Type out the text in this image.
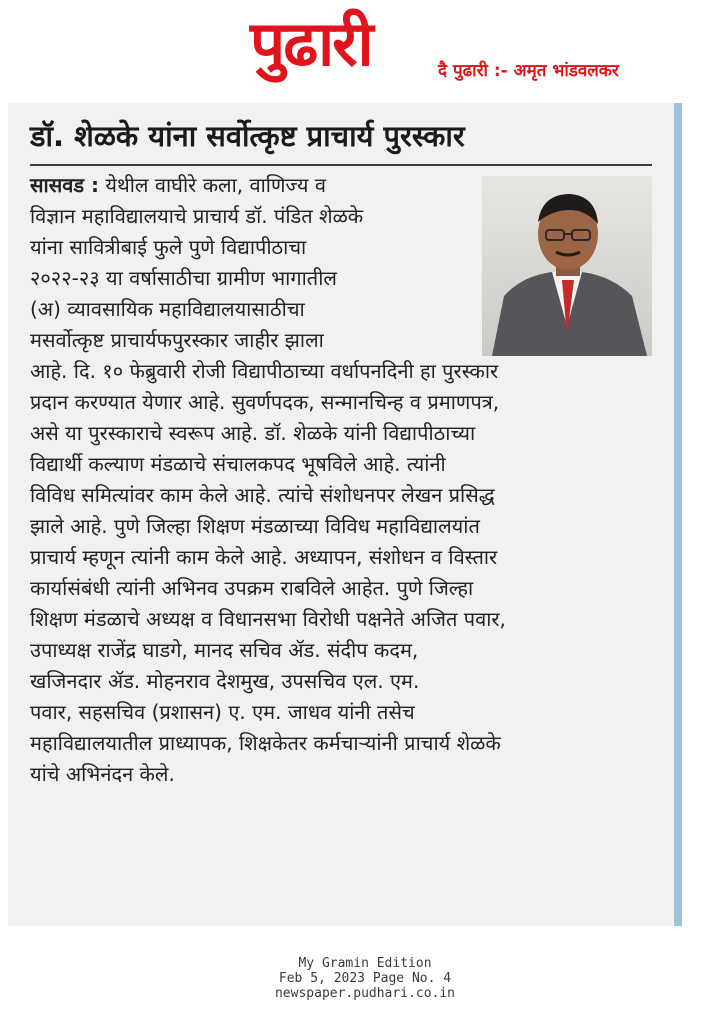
पुढारी	दै पुढारी :- अमृत भांडवलकर
डॉ. शेळके यांना सर्वोत्कृष्ट प्राचार्य पुरस्कार
सासवड : येथील वाघीरे कला, वाणिज्य व
विज्ञान महाविद्यालयाचे प्राचार्य डॉ. पंडित शेळके
यांना सावित्रीबाई फुले पुणे विद्यापीठाचा
२०२२-२३ या वर्षासाठीचा ग्रामीण भागातील
(अ) व्यावसायिक महाविद्यालयासाठीचा
मसर्वोत्कृष्ट प्राचार्यफपुरस्कार जाहीर झाला
आहे. दि. १० फेब्रुवारी रोजी विद्यापीठाच्या वर्धापनदिनी हा पुरस्कार
प्रदान करण्यात येणार आहे. सुवर्णपदक, सन्मानचिन्ह व प्रमाणपत्र,
असे या पुरस्काराचे स्वरूप आहे. डॉ. शेळके यांनी विद्यापीठाच्या
विद्यार्थी कल्याण मंडळाचे संचालकपद भूषविले आहे. त्यांनी
विविध समित्यांवर काम केले आहे. त्यांचे संशोधनपर लेखन प्रसिद्ध
झाले आहे. पुणे जिल्हा शिक्षण मंडळाच्या विविध महाविद्यालयांत
प्राचार्य म्हणून त्यांनी काम केले आहे. अध्यापन, संशोधन व विस्तार
कार्यासंबंधी त्यांनी अभिनव उपक्रम राबविले आहेत. पुणे जिल्हा
शिक्षण मंडळाचे अध्यक्ष व विधानसभा विरोधी पक्षनेते अजित पवार,
उपाध्यक्ष राजेंद्र घाडगे, मानद सचिव ॲड. संदीप कदम,
खजिनदार ॲड. मोहनराव देशमुख, उपसचिव एल. एम.
पवार, सहसचिव (प्रशासन) ए. एम. जाधव यांनी तसेच
महाविद्यालयातील प्राध्यापक, शिक्षकेतर कर्मचाऱ्यांनी प्राचार्य शेळके
यांचे अभिनंदन केले.
My Gramin Edition
Feb 5, 2023 Page No. 4
newspaper.pudhari.co.in
